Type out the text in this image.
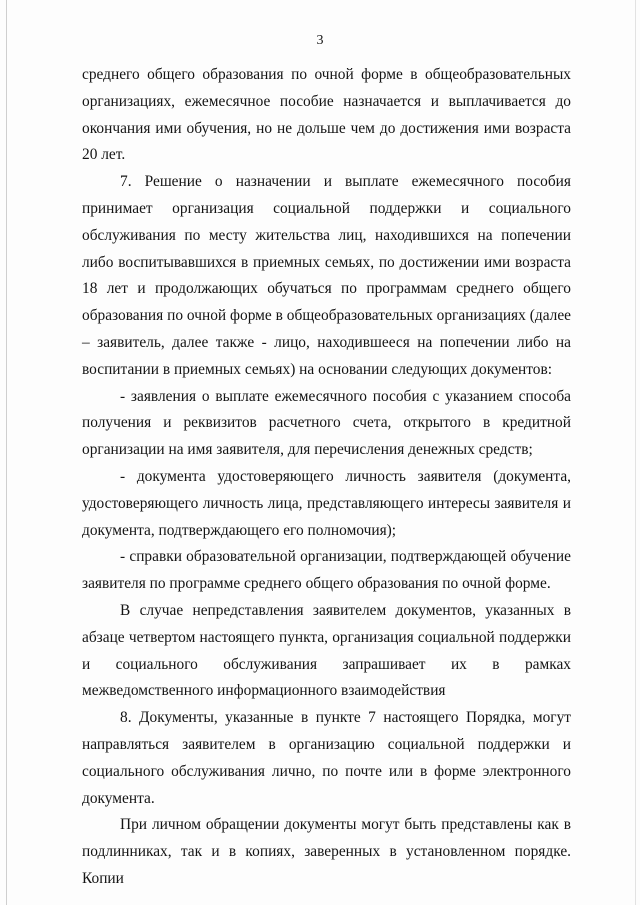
3

среднего общего образования по очной форме в общеобразовательных организациях, ежемесячное пособие назначается и выплачивается до окончания ими обучения, но не дольше чем до достижения ими возраста 20 лет.

7. Решение о назначении и выплате ежемесячного пособия принимает организация социальной поддержки и социального обслуживания по месту жительства лиц, находившихся на попечении либо воспитывавшихся в приемных семьях, по достижении ими возраста 18 лет и продолжающих обучаться по программам среднего общего образования по очной форме в общеобразовательных организациях (далее – заявитель, далее также - лицо, находившееся на попечении либо на воспитании в приемных семьях) на основании следующих документов:

- заявления о выплате ежемесячного пособия с указанием способа получения и реквизитов расчетного счета, открытого в кредитной организации на имя заявителя, для перечисления денежных средств;

- документа удостоверяющего личность заявителя (документа, удостоверяющего личность лица, представляющего интересы заявителя и документа, подтверждающего его полномочия);

- справки образовательной организации, подтверждающей обучение заявителя по программе среднего общего образования по очной форме.

В случае непредставления заявителем документов, указанных в абзаце четвертом настоящего пункта, организация социальной поддержки и социального обслуживания запрашивает их в рамках межведомственного информационного взаимодействия

8. Документы, указанные в пункте 7 настоящего Порядка, могут направляться заявителем в организацию социальной поддержки и социального обслуживания лично, по почте или в форме электронного документа.

При личном обращении документы могут быть представлены как в подлинниках, так и в копиях, заверенных в установленном порядке. Копии
